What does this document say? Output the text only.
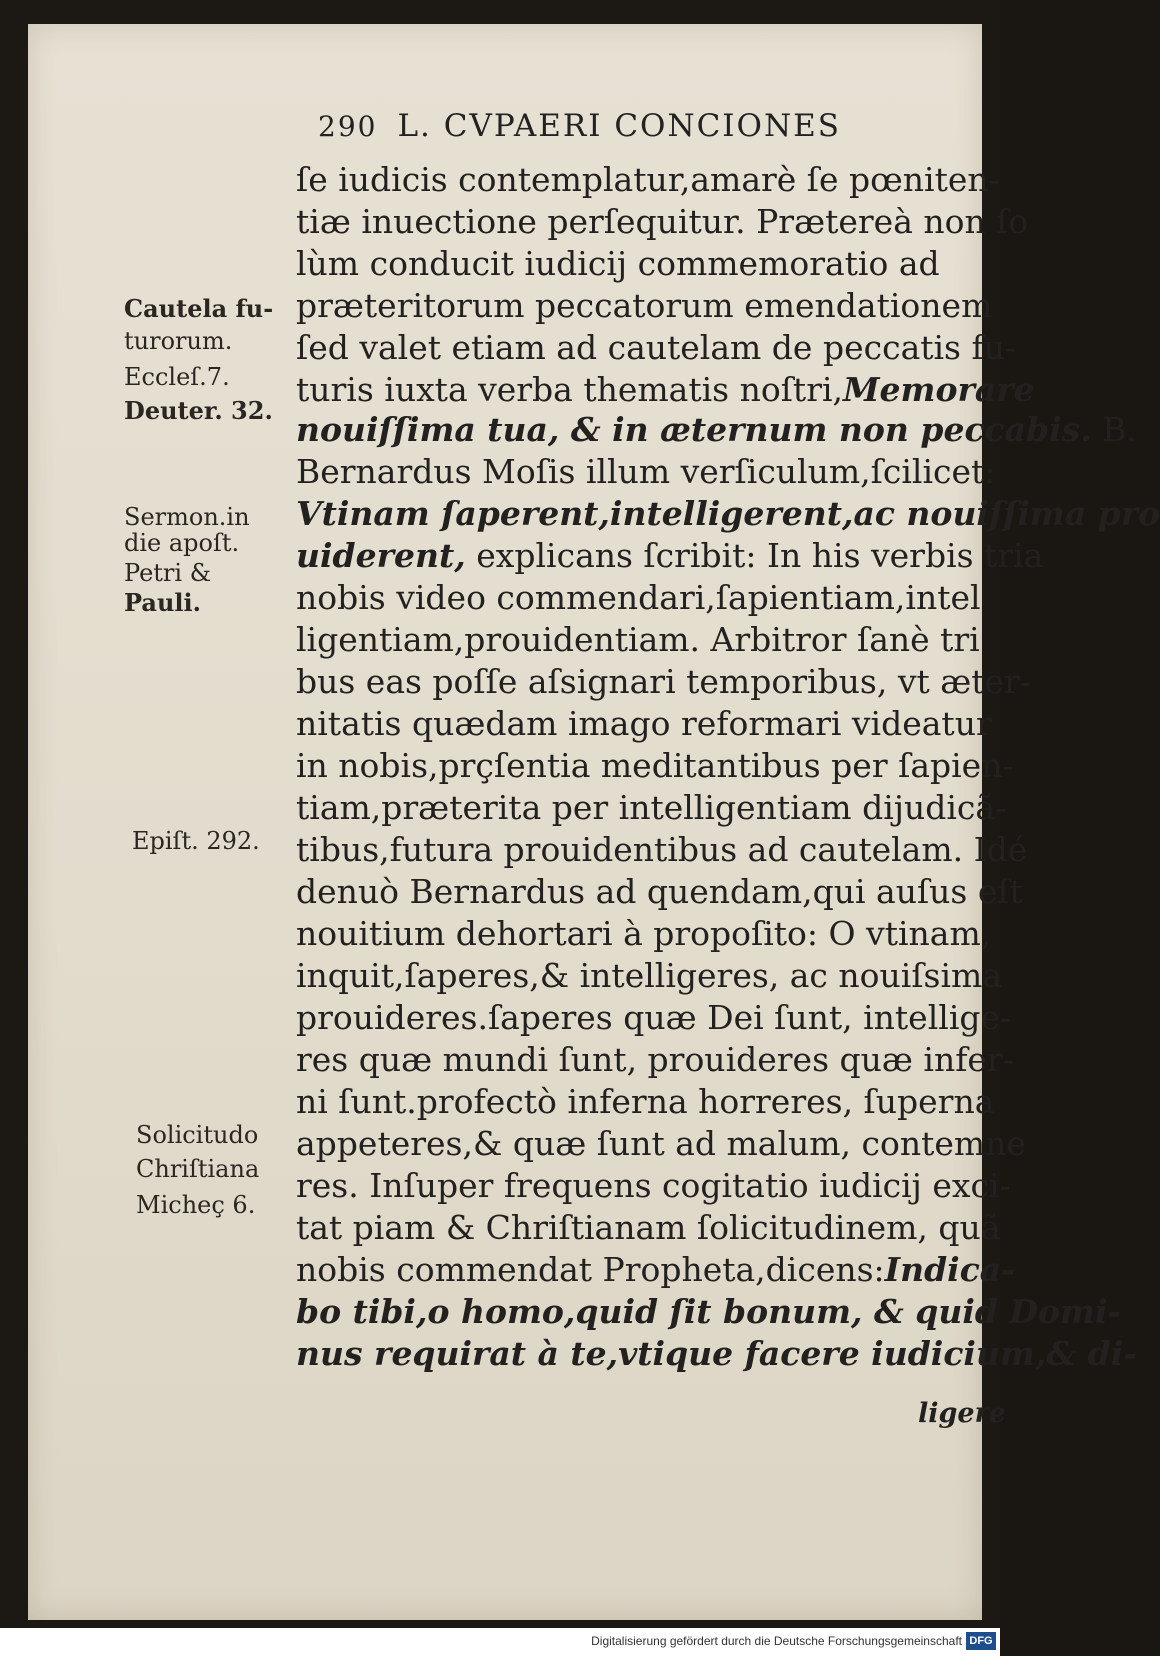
290 L. CVPAERI CONCIONES
ſe iudicis contemplatur,amarè ſe pœniten-
tiæ inuectione perſequitur. Prætereà non ſo
lùm conducit iudicij commemoratio ad
præteritorum peccatorum emendationem
ſed valet etiam ad cautelam de peccatis fu-
turis iuxta verba thematis noſtri,Memorare
nouiſſima tua, & in æternum non peccabis. B.
Bernardus Moſis illum verſiculum,ſcilicet:
Vtinam ſaperent,intelligerent,ac nouiſſima pro
uiderent, explicans ſcribit: In his verbis tria
nobis video commendari,ſapientiam,intel
ligentiam,prouidentiam. Arbitror ſanè tri
bus eas poſſe aſsignari temporibus, vt æter-
nitatis quædam imago reformari videatur
in nobis,prçſentia meditantibus per ſapien-
tiam,præterita per intelligentiam dijudicã-
tibus,futura prouidentibus ad cautelam. Idé
denuò Bernardus ad quendam,qui auſus eſt
nouitium dehortari à propoſito: O vtinam,
inquit,ſaperes,& intelligeres, ac nouiſsima
prouideres.ſaperes quæ Dei ſunt, intellige-
res quæ mundi ſunt, prouideres quæ infer-
ni ſunt.profectò inferna horreres, ſuperna
appeteres,& quæ ſunt ad malum, contemne
res. Inſuper frequens cogitatio iudicij exci-
tat piam & Chriſtianam ſolicitudinem, quã
nobis commendat Propheta,dicens:Indica-
bo tibi,o homo,quid ſit bonum, & quid Domi-
nus requirat à te,vtique facere iudicium,& di-
ligere
Cautela fu-
turorum.
Eccleſ.7.
Deuter. 32.
Sermon.in
die apoſt.
Petri &
Pauli.
Epiſt. 292.
Solicitudo
Chriſtiana
Micheç 6.
Digitalisierung gefördert durch die Deutsche Forschungsgemeinschaft DFG
